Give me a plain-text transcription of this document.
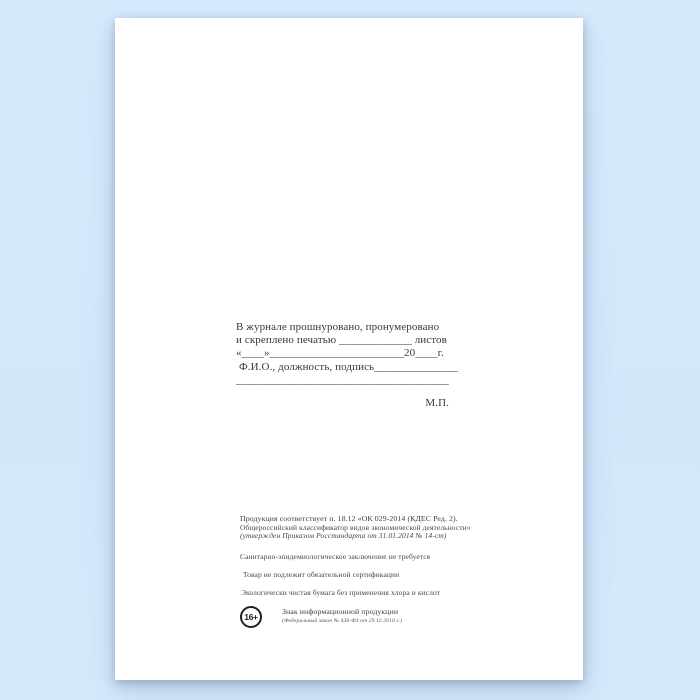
В журнале прошнуровано, пронумеровано
и скреплено печатью _____________ листов
«____»________________________20____г.
Ф.И.О., должность, подпись_______________
______________________________________
М.П.
Продукция соответствует п. 18.12 «ОК 029-2014 (КДЕС Ред. 2).
Общероссийский классификатор видов экономической деятельности»
(утвержден Приказом Росстандарта от 31.01.2014 № 14-ст)
Санитарно-эпидемиологическое заключение не требуется
Товар не подлежит обязательной сертификации
Экологически чистая бумага без применения хлора и кислот
16+
Знак информационной продукции
(Федеральный закон № 436-ФЗ от 29.12.2010 г.)
